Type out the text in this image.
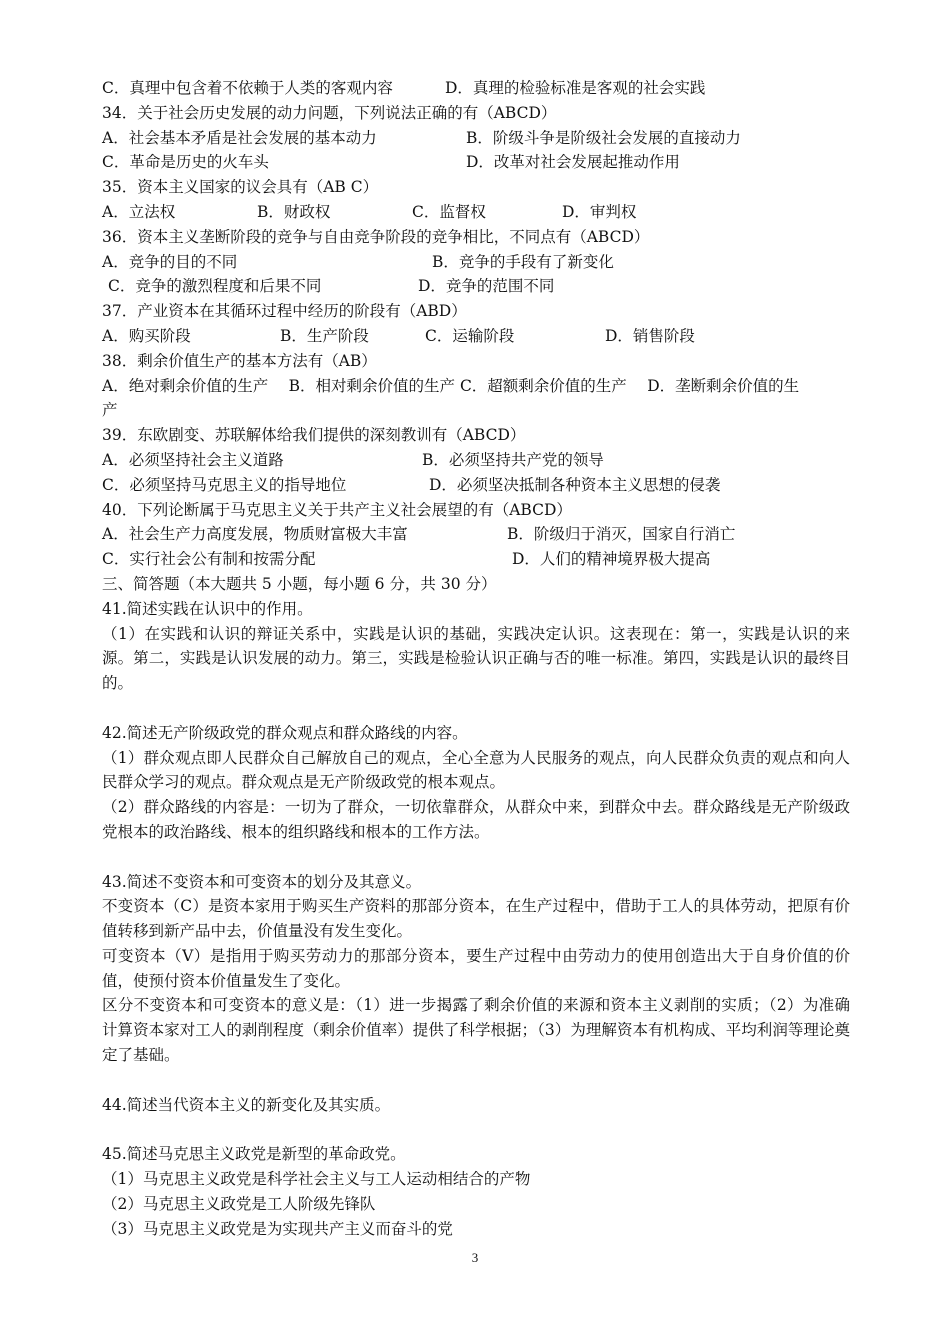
C．真理中包含着不依赖于人类的客观内容	D．真理的检验标准是客观的社会实践
34．关于社会历史发展的动力问题，下列说法正确的有（ABCD）
A．社会基本矛盾是社会发展的基本动力	B．阶级斗争是阶级社会发展的直接动力
C．革命是历史的火车头	D．改革对社会发展起推动作用
35．资本主义国家的议会具有（AB C）
A．立法权	B．财政权	C．监督权	D．审判权
36．资本主义垄断阶段的竞争与自由竞争阶段的竞争相比，不同点有（ABCD）
A．竞争的目的不同	B．竞争的手段有了新变化
C．竞争的激烈程度和后果不同	D．竞争的范围不同
37．产业资本在其循环过程中经历的阶段有（ABD）
A．购买阶段	B．生产阶段	C．运输阶段	D．销售阶段
38．剩余价值生产的基本方法有（AB）
A．绝对剩余价值的生产　 B．相对剩余价值的生产 C．超额剩余价值的生产　 D．垄断剩余价值的生
产
39．东欧剧变、苏联解体给我们提供的深刻教训有（ABCD）
A．必须坚持社会主义道路	B．必须坚持共产党的领导
C．必须坚持马克思主义的指导地位	D．必须坚决抵制各种资本主义思想的侵袭
40．下列论断属于马克思主义关于共产主义社会展望的有（ABCD）
A．社会生产力高度发展，物质财富极大丰富	B．阶级归于消灭，国家自行消亡
C．实行社会公有制和按需分配	D．人们的精神境界极大提高
三、简答题（本大题共 5 小题，每小题 6 分，共 30 分）
41.简述实践在认识中的作用。
（1）在实践和认识的辩证关系中，实践是认识的基础，实践决定认识。这表现在：第一，实践是认识的来源。第二，实践是认识发展的动力。第三，实践是检验认识正确与否的唯一标准。第四，实践是认识的最终目的。
42.简述无产阶级政党的群众观点和群众路线的内容。
（1）群众观点即人民群众自己解放自己的观点，全心全意为人民服务的观点，向人民群众负责的观点和向人民群众学习的观点。群众观点是无产阶级政党的根本观点。
（2）群众路线的内容是：一切为了群众，一切依靠群众，从群众中来，到群众中去。群众路线是无产阶级政党根本的政治路线、根本的组织路线和根本的工作方法。
43.简述不变资本和可变资本的划分及其意义。
不变资本（C）是资本家用于购买生产资料的那部分资本，在生产过程中，借助于工人的具体劳动，把原有价值转移到新产品中去，价值量没有发生变化。
可变资本（V）是指用于购买劳动力的那部分资本，要生产过程中由劳动力的使用创造出大于自身价值的价值，使预付资本价值量发生了变化。
区分不变资本和可变资本的意义是：（1）进一步揭露了剩余价值的来源和资本主义剥削的实质；（2）为准确计算资本家对工人的剥削程度（剩余价值率）提供了科学根据；（3）为理解资本有机构成、平均利润等理论奠定了基础。
44.简述当代资本主义的新变化及其实质。
45.简述马克思主义政党是新型的革命政党。
（1）马克思主义政党是科学社会主义与工人运动相结合的产物
（2）马克思主义政党是工人阶级先锋队
（3）马克思主义政党是为实现共产主义而奋斗的党
3
